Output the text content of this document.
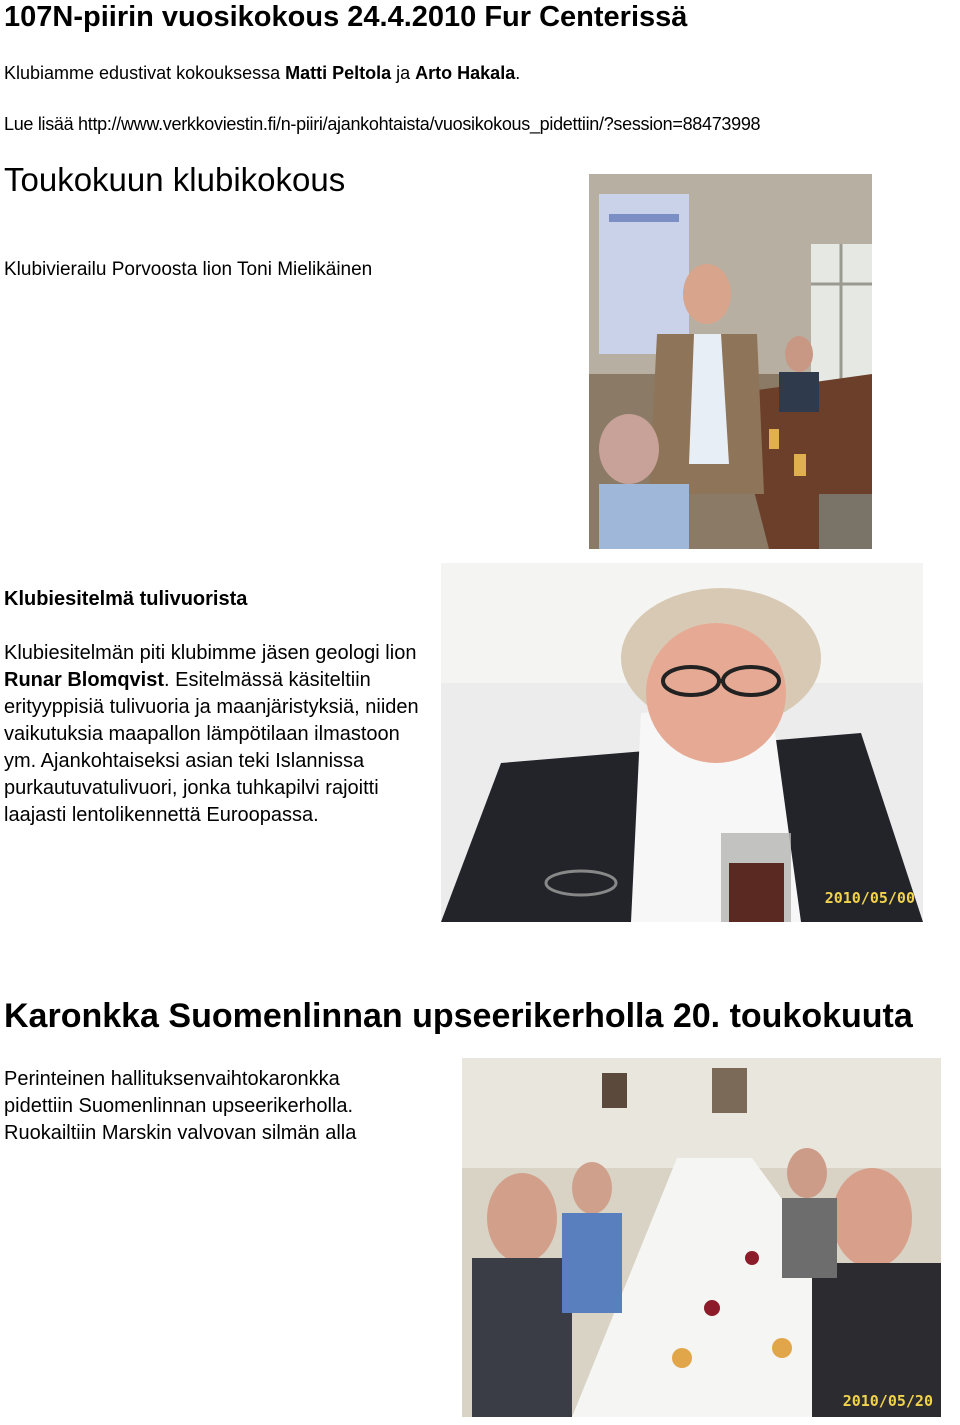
107N-piirin vuosikokous 24.4.2010 Fur Centerissä
Klubiamme edustivat kokouksessa Matti Peltola ja Arto Hakala.
Lue lisää http://www.verkkoviestin.fi/n-piiri/ajankohtaista/vuosikokous_pidettiin/?session=88473998
Toukokuun klubikokous
Klubivierailu Porvoosta lion Toni Mielikäinen
Klubiesitelmä tulivuorista
Klubiesitelmän piti klubimme jäsen geologi lion Runar Blomqvist. Esitelmässä käsiteltiin erityyppisiä tulivuoria ja maanjäristyksiä, niiden vaikutuksia maapallon lämpötilaan ilmastoon ym. Ajankohtaiseksi asian teki Islannissa purkautuvatulivuori, jonka tuhkapilvi rajoitti laajasti lentolikennettä Euroopassa.
2010/05/00
Karonkka Suomenlinnan upseerikerholla 20. toukokuuta
Perinteinen hallituksenvaihtokaronkka
pidettiin Suomenlinnan upseerikerholla.
Ruokailtiin Marskin valvovan silmän alla
2010/05/20
